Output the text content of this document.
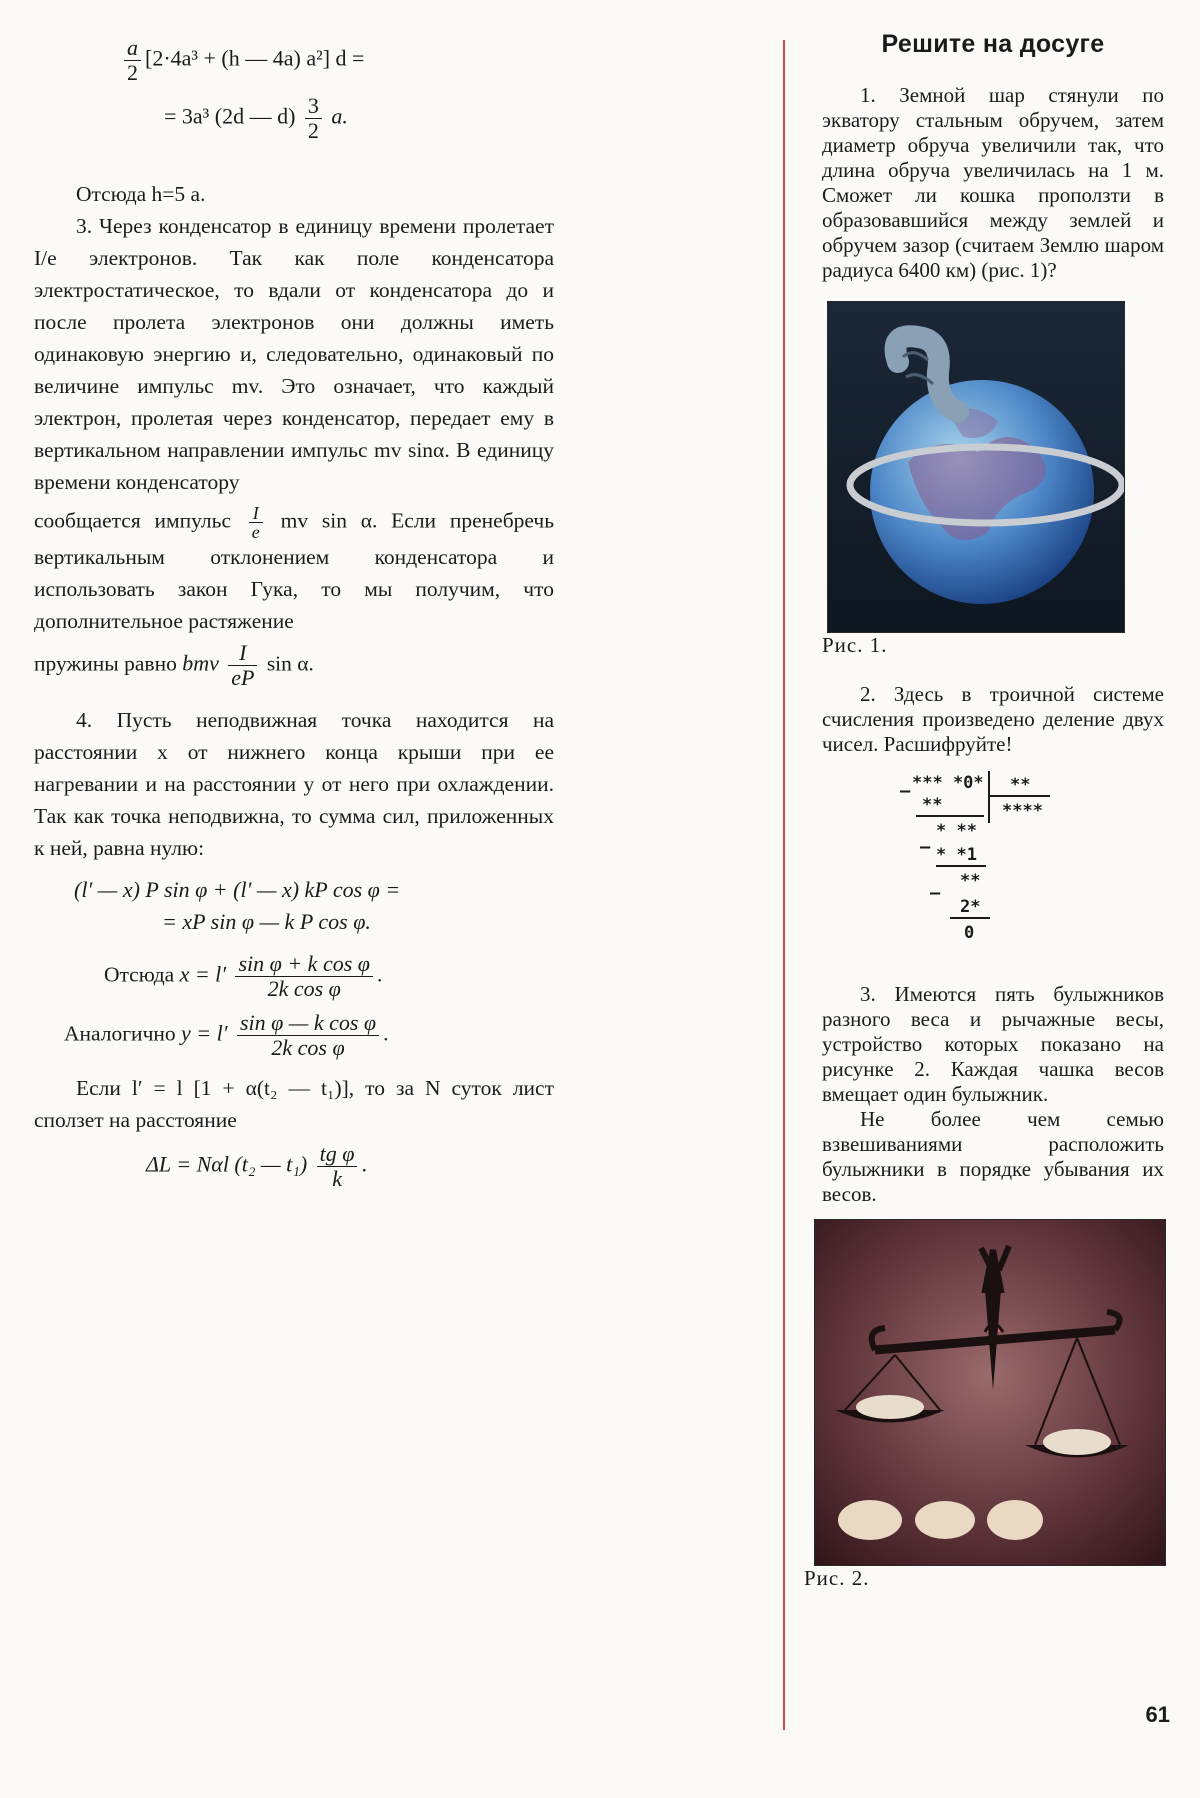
$\frac{a}{2} [2\cdot 4a^3 + (h$ — 4a) a²] d =
= 3a³ (2d — $d) \frac{3}{2} a$.

Отсюда h=5 a.

3. Через конденсатор в единицу времени пролетает I/e электронов. Так как поле конденсатора электростатическое, то вдали от конденсатора до и после пролета электронов они должны иметь одинаковую энергию и, следовательно, одинаковый по величине импульс mv. Это означает, что каждый электрон, пролетая через конденсатор, передает ему в вертикальном направлении импульс mv sinα. В единицу времени конденсатору

сообщается импульс $\frac{I}{e}$ mv sin α. Если пренебречь вертикальным отклонением конденсатора и использовать закон Гука, то мы получим, что дополнительное растяжение

пружины равно bmv $\frac{I}{eP}$ sin α.

4. Пусть неподвижная точка находится на расстоянии x от нижнего конца крыши при ее нагревании и на расстоянии y от него при охлаждении. Так как точка неподвижна, то сумма сил, приложенных к ней, равна нулю:

(l′ — x) P sin φ + (l′ — x) kP cos φ =
= xP sin φ — k P cos φ.
Отсюда $x = l' \frac{\text{sin φ + k cos φ}}{\text{2k cos φ}}$ .
Аналогично $y = l' \frac{\text{sin φ — k cos φ}}{\text{2k cos φ}}$ .

Если l′ = l [1 + α(t₂ — t₁)], то за N суток лист сползет на расстояние

ΔL = Nαl (t₂ — $t_1) \frac{\text{tg φ}}{k}$ .
Решите на досуге

1. Земной шар стянули по экватору стальным обручем, затем диаметр обруча увеличили так, что длина обруча увеличилась на 1 м. Сможет ли кошка проползти в образовавшийся между землей и обручем зазор (считаем Землю шаром радиуса 6400 км) (рис. 1)?

Рис. 1.

2. Здесь в троичной системе счисления произведено деление двух чисел. Расшифруйте!

*** *0*
—
**
**
****
* **
— * *1
**
—
2*
0

3. Имеются пять булыжников разного веса и рычажные весы, устройство которых показано на рисунке 2. Каждая чашка весов вмещает один булыжник.

Не более чем семью взвешиваниями расположить булыжники в порядке убывания их весов.

Рис. 2.

61
